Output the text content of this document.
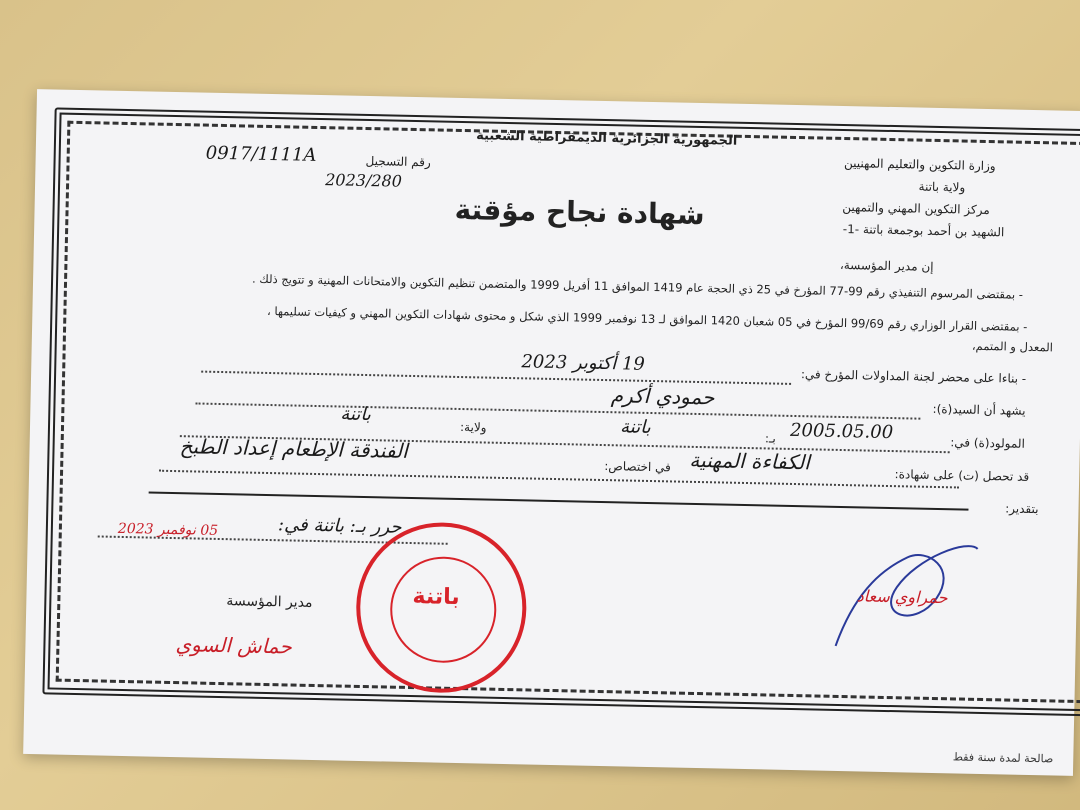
الجمهورية الجزائرية الديمقراطية الشعبية
وزارة التكوين والتعليم المهنيين
ولاية باتنة
مركز التكوين المهني والتمهين
الشهيد بن أحمد بوجمعة باتنة -1-
رقم التسجيل
0917/1111A
2023/280
شهادة نجاح مؤقتة
إن مدير المؤسسة،
- بمقتضى المرسوم التنفيذي رقم 99-77 المؤرخ في 25 ذي الحجة عام 1419 الموافق 11 أفريل 1999 والمتضمن تنظيم التكوين والامتحانات المهنية و تتويج ذلك .
- بمقتضى القرار الوزاري رقم 99/69 المؤرخ في 05 شعبان 1420 الموافق لـ 13 نوفمبر 1999 الذي شكل و محتوى شهادات التكوين المهني و كيفيات تسليمها ،
المعدل و المتمم،
- بناءا على محضر لجنة المداولات المؤرخ في:
19 أكتوبر 2023
يشهد أن السيد(ة):
حمودي أكرم
المولود(ة) في:
2005.05.00
بـ:
باتنة
ولاية:
باتنة
قد تحصل (ت) على شهادة:
الكفاءة المهنية
في اختصاص:
الفندقة الإطعام إعداد الطبخ
بتقدير:
حرر بـ: باتنة في:
05 نوفمبر 2023
مدير المؤسسة
حماش السوي
باتنة	حمراوي سعاد
صالحة لمدة سنة فقط
